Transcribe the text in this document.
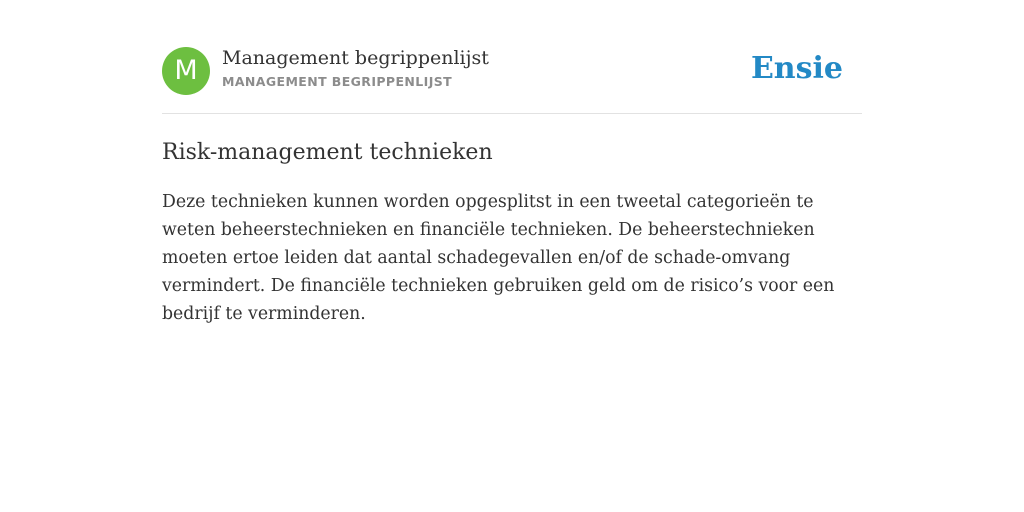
M	Management begrippenlijst
MANAGEMENT BEGRIPPENLIJST	Ensie
Risk-management technieken

Deze technieken kunnen worden opgesplitst in een tweetal categorieën te weten beheerstechnieken en financiële technieken. De beheerstechnieken moeten ertoe leiden dat aantal schadegevallen en/of de schade-omvang vermindert. De financiële technieken gebruiken geld om de risico’s voor een bedrijf te verminderen.
